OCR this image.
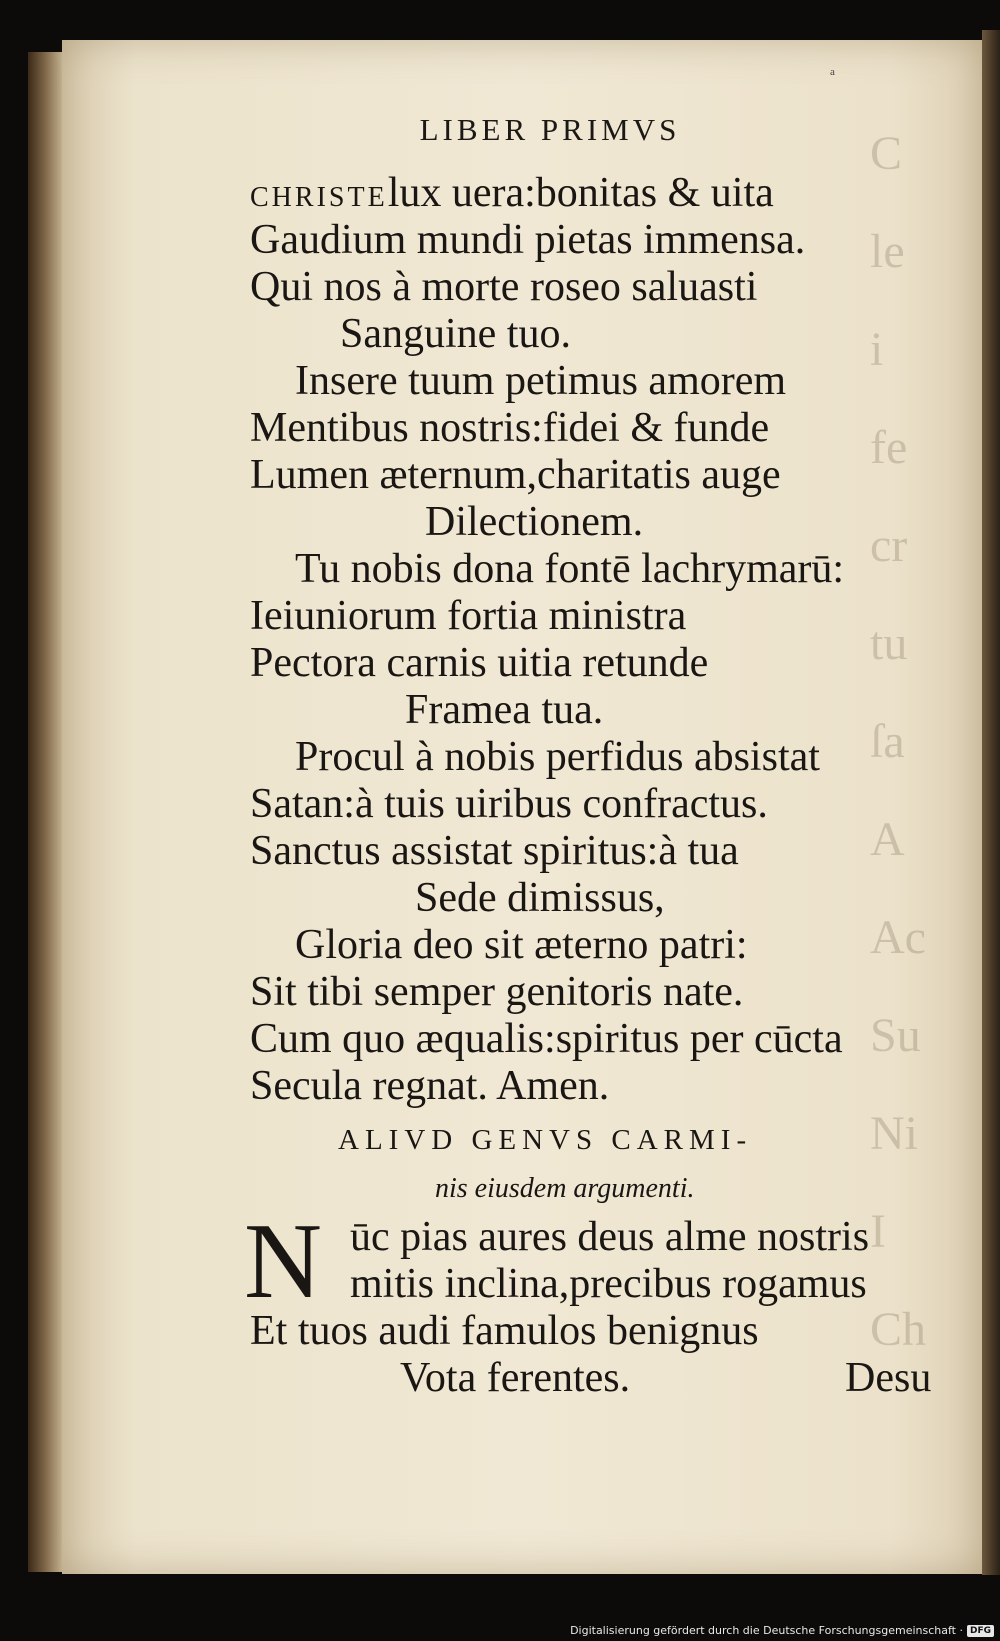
C
le
i
fe
cr
tu
ſa
A
Ac
Su
Ni
I
Ch
a
LIBER PRIMVS
CHRISTElux uera:bonitas & uita
Gaudium mundi pietas immensa.
Qui nos à morte roseo saluasti
Sanguine tuo.
Insere tuum petimus amorem
Mentibus nostris:fidei & funde
Lumen æternum,charitatis auge
Dilectionem.
Tu nobis dona fontē lachrymarū:
Ieiuniorum fortia ministra
Pectora carnis uitia retunde
Framea tua.
Procul à nobis perfidus absistat
Satan:à tuis uiribus confractus.
Sanctus assistat spiritus:à tua
Sede dimissus,
Gloria deo sit æterno patri:
Sit tibi semper genitoris nate.
Cum quo æqualis:spiritus per cūcta
Secula regnat. Amen.
ALIVD GENVS CARMI-
nis eiusdem argumenti.
N ūc pias aures deus alme nostris
mitis inclina,precibus rogamus
Et tuos audi famulos benignus
Vota ferentes.	Desu
Digitalisierung gefördert durch die Deutsche Forschungsgemeinschaft · DFG
